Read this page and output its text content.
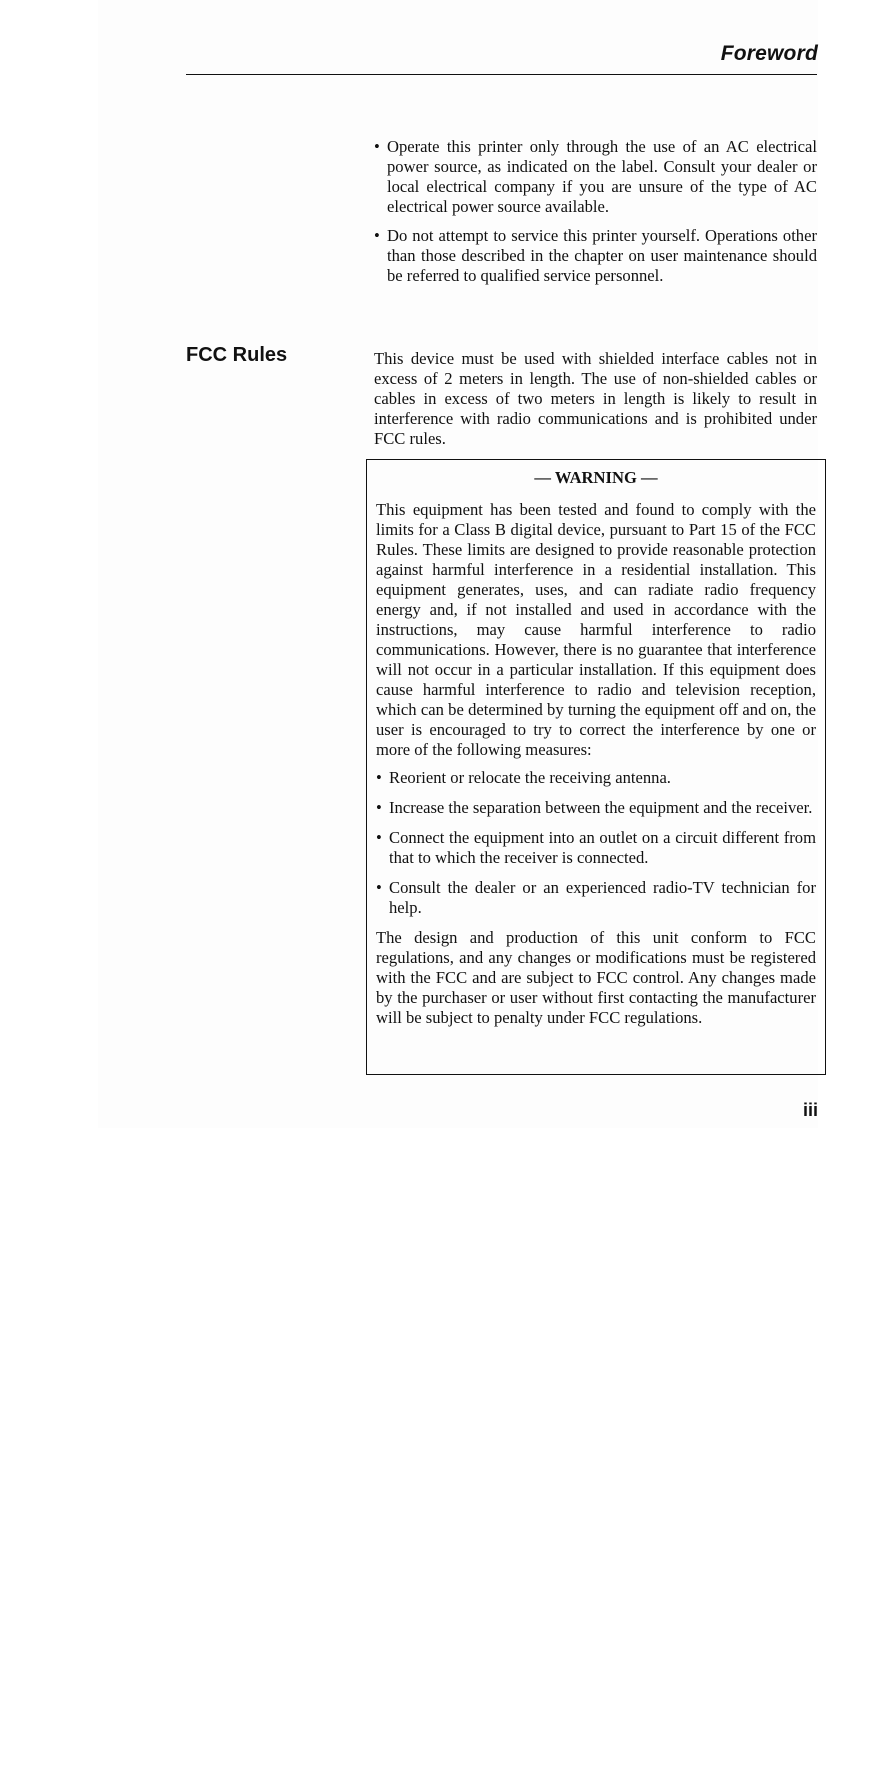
Foreword
• Operate this printer only through the use of an AC electrical power source, as indicated on the label. Consult your dealer or local electrical company if you are unsure of the type of AC electrical power source available.
• Do not attempt to service this printer yourself. Operations other than those described in the chapter on user maintenance should be referred to qualified service personnel.
FCC Rules	This device must be used with shielded interface cables not in excess of 2 meters in length. The use of non-shielded cables or cables in excess of two meters in length is likely to result in interference with radio communications and is prohibited under FCC rules.

— WARNING —

This equipment has been tested and found to comply with the limits for a Class B digital device, pursuant to Part 15 of the FCC Rules. These limits are designed to provide reasonable protection against harmful interference in a residential installation. This equipment generates, uses, and can radiate radio frequency energy and, if not installed and used in accordance with the instructions, may cause harmful interference to radio communications. However, there is no guarantee that interference will not occur in a particular installation. If this equipment does cause harmful interference to radio and television reception, which can be determined by turning the equipment off and on, the user is encouraged to try to correct the interference by one or more of the following measures:

• Reorient or relocate the receiving antenna.
• Increase the separation between the equipment and the receiver.
• Connect the equipment into an outlet on a circuit different from that to which the receiver is connected.
• Consult the dealer or an experienced radio-TV technician for help.

The design and production of this unit conform to FCC regulations, and any changes or modifications must be registered with the FCC and are subject to FCC control. Any changes made by the purchaser or user without first contacting the manufacturer will be subject to penalty under FCC regulations.

iii
